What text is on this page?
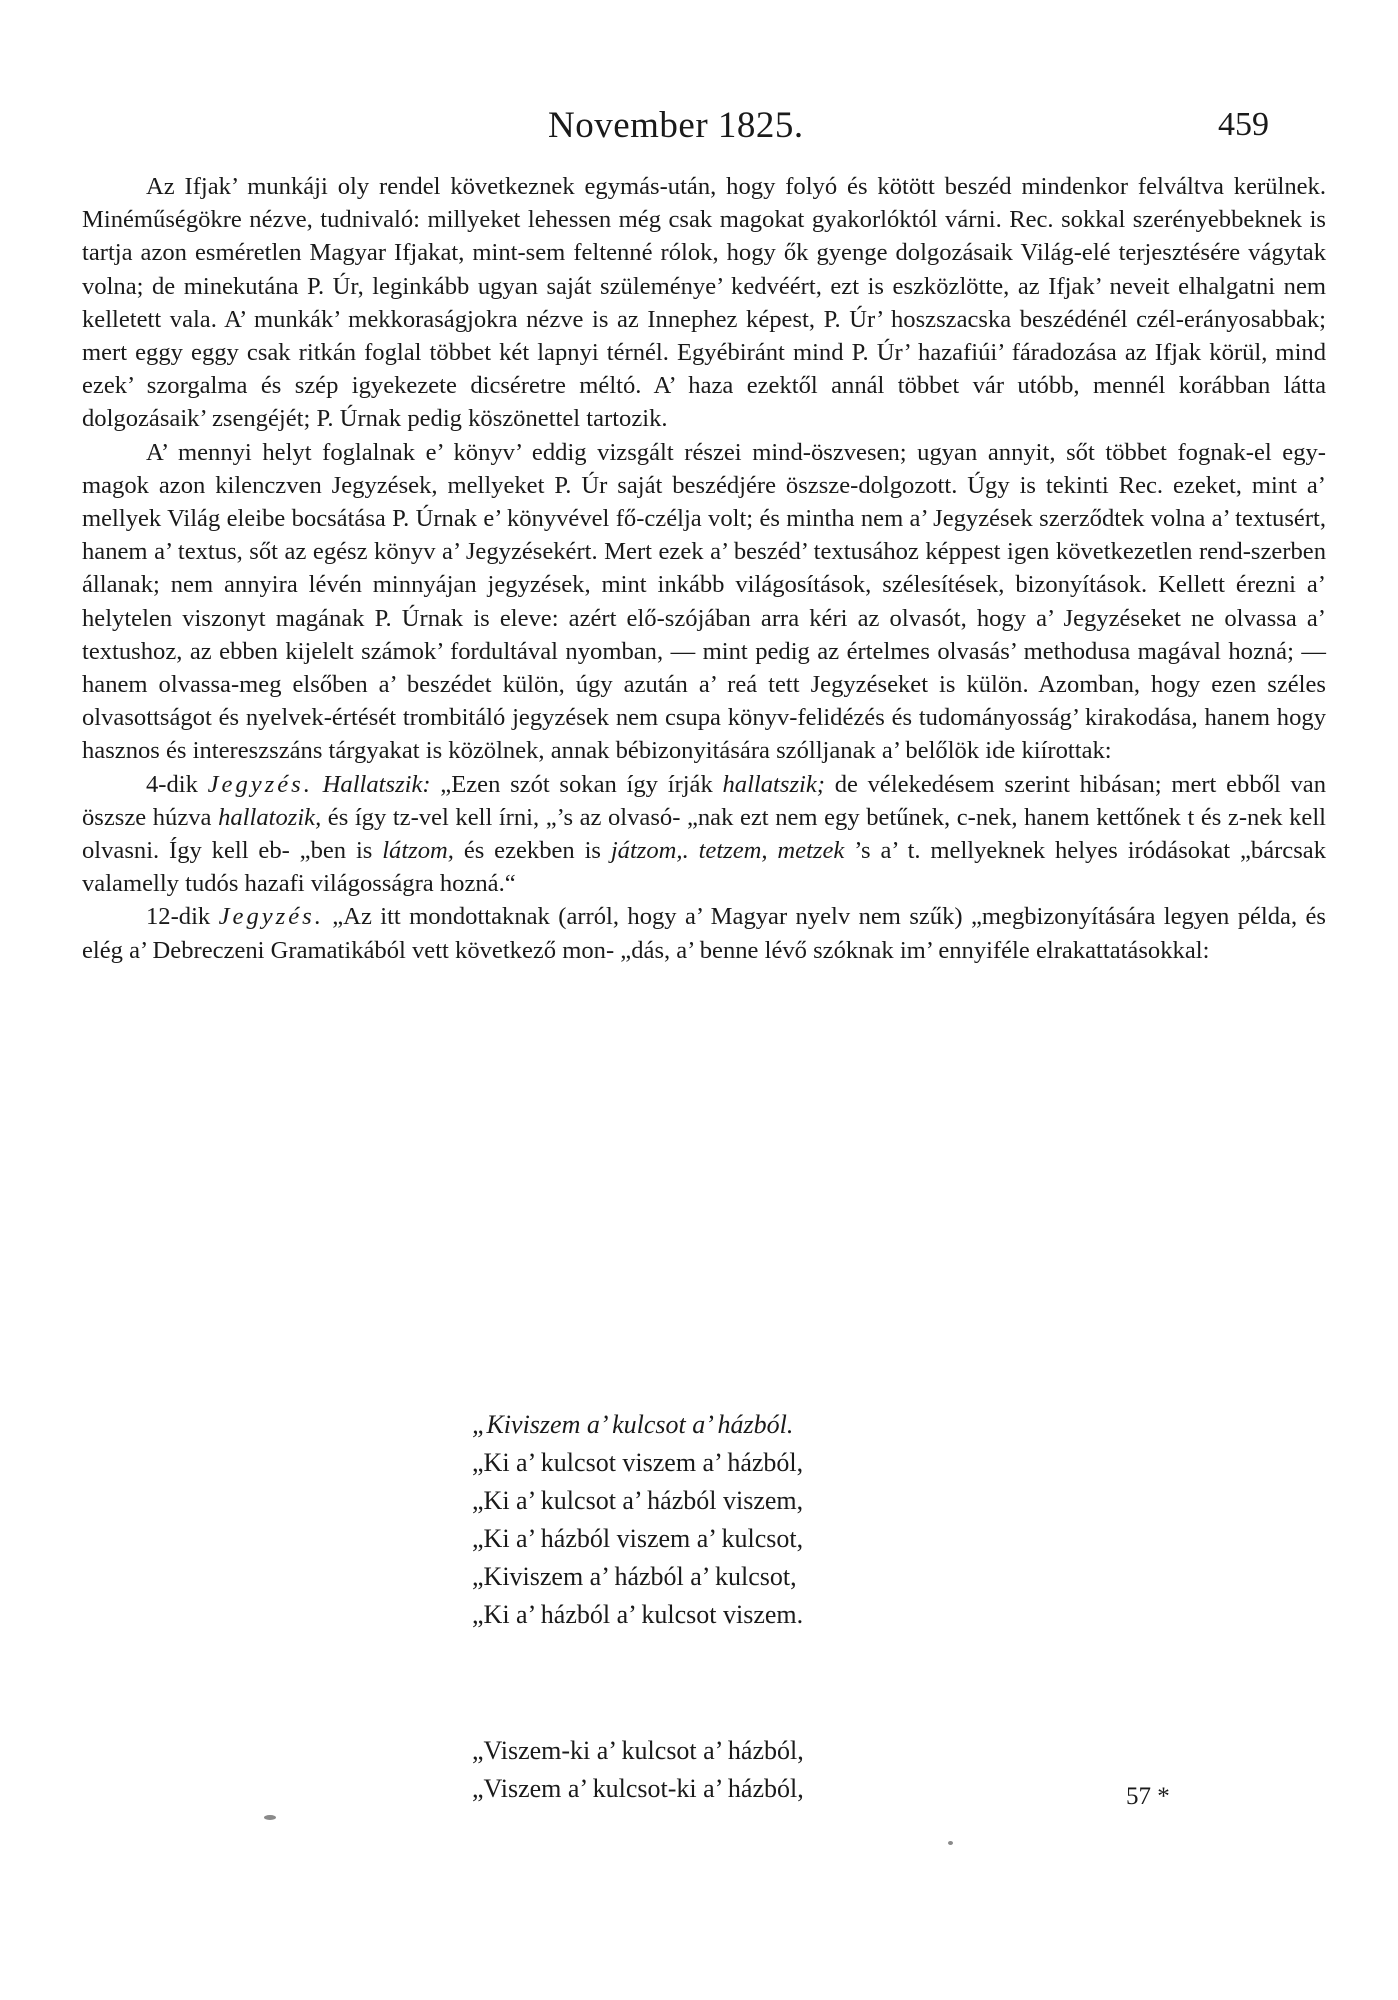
November 1825.	459

Az Ifjak’ munkáji oly rendel következnek egymás-után, hogy folyó és kötött beszéd mindenkor felváltva kerülnek. Minéműségökre nézve, tudnivaló: millyeket lehessen még csak magokat gyakorlóktól várni. Rec. sokkal szerényebbeknek is tartja azon esméretlen Magyar Ifjakat, mint-sem feltenné rólok, hogy ők gyenge dolgozásaik Világ-elé terjesztésére vágytak volna; de minekutána P. Úr, leginkább ugyan saját szüleménye’ kedvéért, ezt is eszközlötte, az Ifjak’ neveit elhalgatni nem kelletett vala. A’ munkák’ mekkoraságjokra nézve is az Innephez képest, P. Úr’ hoszszacska beszédénél czél-erányosabbak; mert eggy eggy csak ritkán foglal többet két lapnyi térnél. Egyébiránt mind P. Úr’ hazafiúi’ fáradozása az Ifjak körül, mind ezek’ szorgalma és szép igyekezete dicséretre méltó. A’ haza ezektől annál többet vár utóbb, mennél korábban látta dolgozásaik’ zsengéjét; P. Úrnak pedig köszönettel tartozik.

A’ mennyi helyt foglalnak e’ könyv’ eddig vizsgált részei mind-öszvesen; ugyan annyit, sőt többet fognak-el egy-magok azon kilenczven Jegyzések, mellyeket P. Úr saját beszédjére öszsze-dolgozott. Úgy is tekinti Rec. ezeket, mint a’ mellyek Világ eleibe bocsátása P. Úrnak e’ könyvével fő-czélja volt; és mintha nem a’ Jegyzések szerződtek volna a’ textusért, hanem a’ textus, sőt az egész könyv a’ Jegyzésekért. Mert ezek a’ beszéd’ textusához képpest igen következetlen rend-szerben állanak; nem annyira lévén minnyájan jegyzések, mint inkább világosítások, szélesítések, bizonyítások. Kellett érezni a’ helytelen viszonyt magának P. Úrnak is eleve: azért elő-szójában arra kéri az olvasót, hogy a’ Jegyzéseket ne olvassa a’ textushoz, az ebben kijelelt számok’ fordultával nyomban, — mint pedig az értelmes olvasás’ methodusa magával hozná; — hanem olvassa-meg elsőben a’ beszédet külön, úgy azután a’ reá tett Jegyzéseket is külön. Azomban, hogy ezen széles olvasottságot és nyelvek-értését trombitáló jegyzések nem csupa könyv-felidézés és tudományosság’ kirakodása, hanem hogy hasznos és intereszszáns tárgyakat is közölnek, annak bébizonyitására szólljanak a’ belőlök ide kiírottak:

4-dik Jegyzés. Hallatszik: „Ezen szót sokan így írják hallatszik; de vélekedésem szerint hibásan; mert ebből van öszsze húzva hallatozik, és így tz-vel kell írni, „’s az olvasó- „nak ezt nem egy betűnek, c-nek, hanem kettőnek t és z-nek kell olvasni. Így kell eb- „ben is látzom, és ezekben is játzom,. tetzem, metzek ’s a’ t. mellyeknek helyes iródásokat „bárcsak valamelly tudós hazafi világosságra hozná.“

12-dik Jegyzés. „Az itt mondottaknak (arról, hogy a’ Magyar nyelv nem szűk) „megbizonyítására legyen példa, és elég a’ Debreczeni Gramatikából vett következő mon- „dás, a’ benne lévő szóknak im’ ennyiféle elrakattatásokkal:

„Kiviszem a’ kulcsot a’ házból.
„Ki a’ kulcsot viszem a’ házból,
„Ki a’ kulcsot a’ házból viszem,
„Ki a’ házból viszem a’ kulcsot,
„Kiviszem a’ házból a’ kulcsot,
„Ki a’ házból a’ kulcsot viszem.
„Viszem-ki a’ kulcsot a’ házból,
„Viszem a’ kulcsot-ki a’ házból,	57 *
